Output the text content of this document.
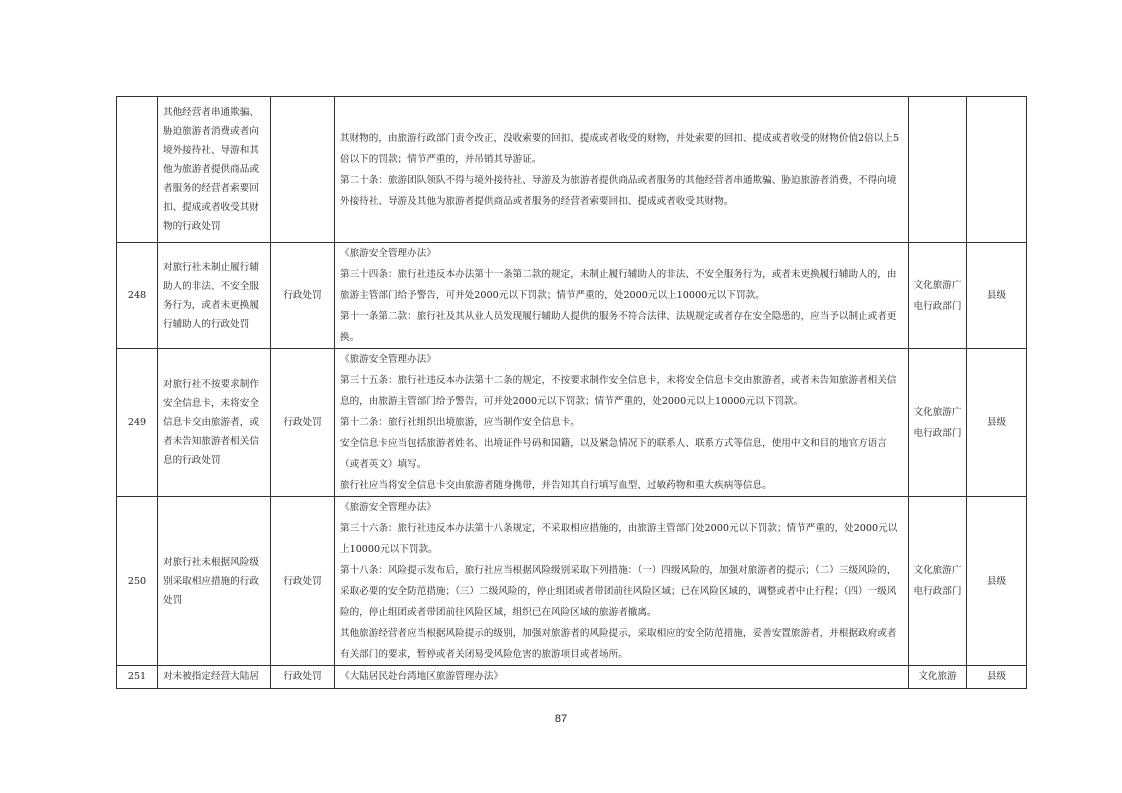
	其他经营者串通欺骗、胁迫旅游者消费或者向境外接待社、导游和其他为旅游者提供商品或者服务的经营者索要回扣、提成或者收受其财物的行政处罚		其财物的，由旅游行政部门责令改正，没收索要的回扣、提成或者收受的财物，并处索要的回扣、提成或者收受的财物价值2倍以上5倍以下的罚款；情节严重的，并吊销其导游证。

第二十条：旅游团队领队不得与境外接待社、导游及为旅游者提供商品或者服务的其他经营者串通欺骗、胁迫旅游者消费，不得向境外接待社、导游及其他为旅游者提供商品或者服务的经营者索要回扣、提成或者收受其财物。		

248	对旅行社未制止履行辅助人的非法、不安全服务行为，或者未更换履行辅助人的行政处罚	行政处罚	《旅游安全管理办法》

第三十四条：旅行社违反本办法第十一条第二款的规定，未制止履行辅助人的非法、不安全服务行为，或者未更换履行辅助人的，由旅游主管部门给予警告，可并处2000元以下罚款；情节严重的，处2000元以上10000元以下罚款。

第十一条第二款：旅行社及其从业人员发现履行辅助人提供的服务不符合法律、法规规定或者存在安全隐患的，应当予以制止或者更换。	文化旅游广电行政部门	县级
249	对旅行社不按要求制作安全信息卡，未将安全信息卡交由旅游者，或者未告知旅游者相关信息的行政处罚	行政处罚	《旅游安全管理办法》

第三十五条：旅行社违反本办法第十二条的规定，不按要求制作安全信息卡，未将安全信息卡交由旅游者，或者未告知旅游者相关信息的，由旅游主管部门给予警告，可并处2000元以下罚款；情节严重的，处2000元以上10000元以下罚款。

第十二条：旅行社组织出境旅游，应当制作安全信息卡。

安全信息卡应当包括旅游者姓名、出境证件号码和国籍，以及紧急情况下的联系人、联系方式等信息，使用中文和目的地官方语言（或者英文）填写。

旅行社应当将安全信息卡交由旅游者随身携带，并告知其自行填写血型、过敏药物和重大疾病等信息。	文化旅游广电行政部门	县级
250	对旅行社未根据风险级别采取相应措施的行政处罚	行政处罚	《旅游安全管理办法》

第三十六条：旅行社违反本办法第十八条规定，不采取相应措施的，由旅游主管部门处2000元以下罚款；情节严重的，处2000元以上10000元以下罚款。

第十八条：风险提示发布后，旅行社应当根据风险级别采取下列措施：（一）四级风险的，加强对旅游者的提示；（二）三级风险的，采取必要的安全防范措施；（三）二级风险的，停止组团或者带团前往风险区域；已在风险区域的，调整或者中止行程；（四）一级风险的，停止组团或者带团前往风险区域，组织已在风险区域的旅游者撤离。

其他旅游经营者应当根据风险提示的级别，加强对旅游者的风险提示，采取相应的安全防范措施，妥善安置旅游者，并根据政府或者有关部门的要求，暂停或者关闭易受风险危害的旅游项目或者场所。	文化旅游广电行政部门	县级
251	对未被指定经营大陆居	行政处罚	《大陆居民赴台湾地区旅游管理办法》	文化旅游	县级
87
